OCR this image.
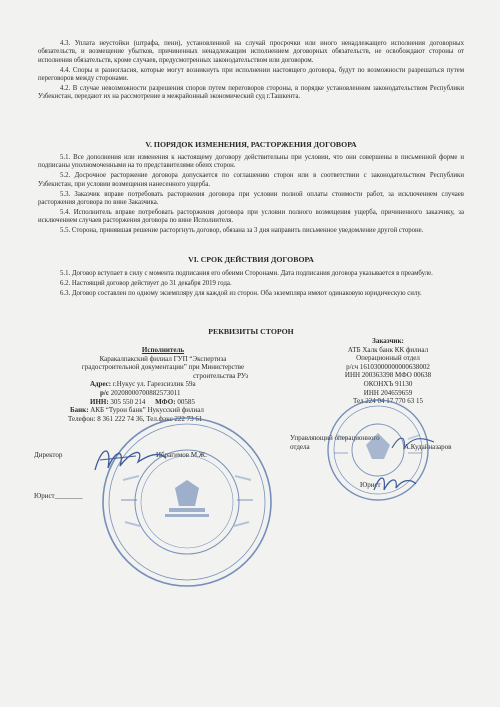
4.3. Уплата неустойки (штрафа, пени), установленной на случай просрочки или иного ненадлежащего исполнения договорных обязательств, и возмещение убытков, причиненных ненадлежащим исполнением договорных обязательств, не освобождают стороны от исполнения обязательств, кроме случаев, предусмотренных законодательством или договором.

4.4. Споры и разногласия, которые могут возникнуть при исполнении настоящего договора, будут по возможности разрешаться путем переговоров между сторонами.

4.2. В случае невозможности разрешения споров путем переговоров стороны, в порядке установленном законодательством Республики Узбекистан, передают их на рассмотрение в межрайонный экономический суд г.Ташкента.

V. ПОРЯДОК ИЗМЕНЕНИЯ, РАСТОРЖЕНИЯ ДОГОВОРА

5.1. Все дополнения или изменения к настоящему договору действительны при условии, что они совершены в письменной форме и подписаны уполномоченными на то представителями обеих сторон.

5.2. Досрочное расторжение договора допускается по соглашению сторон или в соответствии с законодательством Республики Узбекистан, при условии возмещения нанесенного ущерба.

5.3. Заказчик вправе потребовать расторжения договора при условии полной оплаты стоимости работ, за исключением случаев расторжения договора по вине Заказчика.

5.4. Исполнитель вправе потребовать расторжения договора при условии полного возмещения ущерба, причиненного заказчику, за исключением случаев расторжения договора по вине Исполнителя.

5.5. Сторона, принявшая решение расторгнуть договор, обязана за 3 дня направить письменное уведомление другой стороне.

VI. СРОК ДЕЙСТВИЯ ДОГОВОРА

5.1. Договор вступает в силу с момента подписания его обеими Сторонами. Дата подписания договора указывается в преамбуле.

6.2. Настоящий договор действует до 31 декабря 2019 года.

6.3. Договор составлен по одному экземпляру для каждой из сторон. Оба экземпляра имеют одинаковую юридическую силу.

РЕКВИЗИТЫ СТОРОН
Исполнитель
Каракалпакский филиал ГУП “Экспертиза
градостроительной документации” при Министерстве
строительства РУз
Адрес: г.Нукус ул. Гарезсизлик 59а
р/с 20208000700882573011
ИНН: 305 550 214 МФО: 00585
Банк: АКБ “Турон банк” Нукусский филиал
Телефон: 8 361 222 74 36, Тел.факс 222 73 61
Директор	Ибрагимов М.Ж.
Юрист________
Заказчик:
АТБ Халк банк КК филиал
Операционный отдел
р/сч 16103000000000638002
ИНН 200363398 МФО 00638
ОКОНХЪ 91130
ИНН 204659659
Тел 224 04 17 770 63 15
Управляющий операционного
отдела	А.Кудайназаров
Юрист
